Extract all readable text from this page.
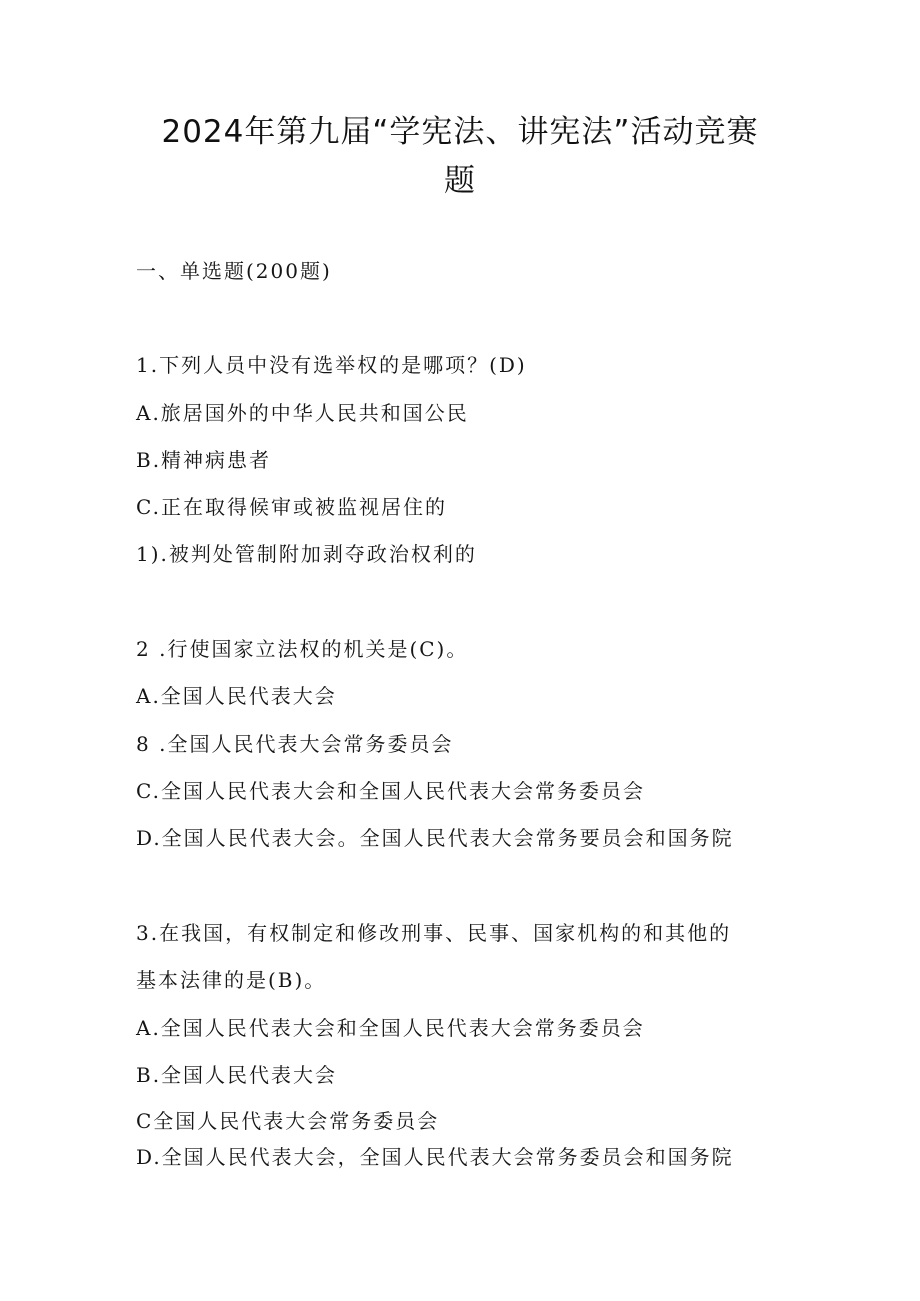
2024年第九届“学宪法、讲宪法”活动竞赛
题
一、单选题(200题)
1.下列人员中没有选举权的是哪项？(D)
A.旅居国外的中华人民共和国公民
B.精神病患者
C.正在取得候审或被监视居住的
1).被判处管制附加剥夺政治权利的
2 .行使国家立法权的机关是(C)。
A.全国人民代表大会
8 .全国人民代表大会常务委员会
C.全国人民代表大会和全国人民代表大会常务委员会
D.全国人民代表大会。全国人民代表大会常务要员会和国务院
3.在我国，有权制定和修改刑事、民事、国家机构的和其他的
基本法律的是(B)。
A.全国人民代表大会和全国人民代表大会常务委员会
B.全国人民代表大会
C全国人民代表大会常务委员会
D.全国人民代表大会，全国人民代表大会常务委员会和国务院
